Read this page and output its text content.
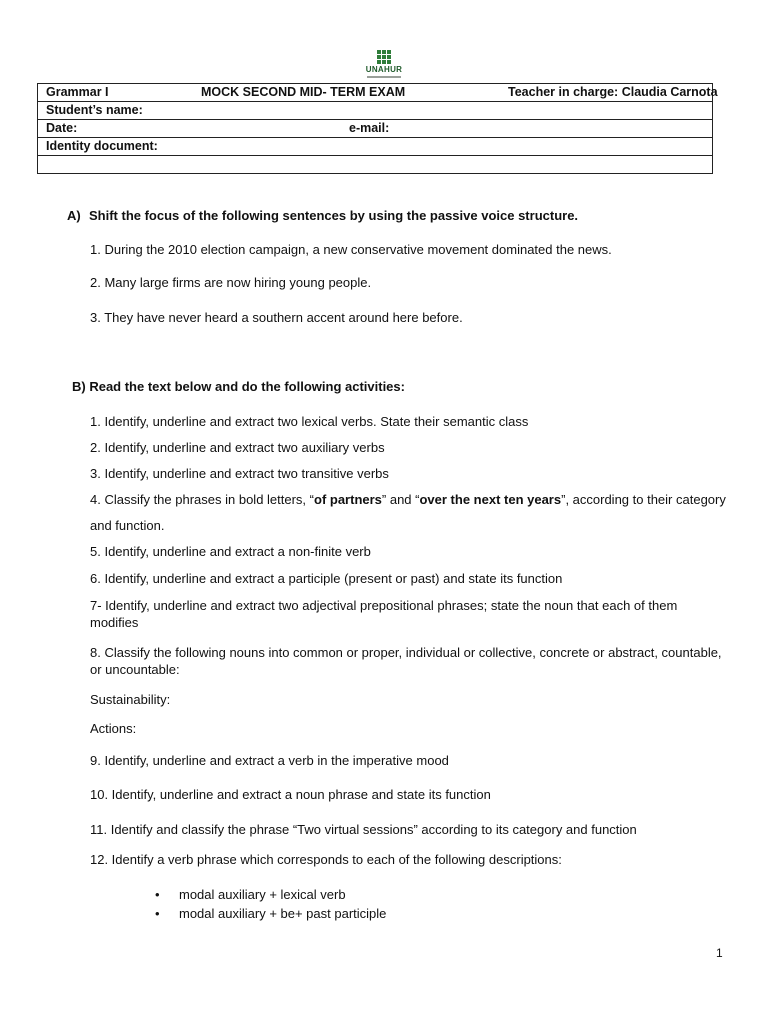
UNAHUR
Grammar I	MOCK SECOND MID- TERM EXAM	Teacher in charge: Claudia Carnota

Student’s name:

Date:	e-mail:

Identity document:

A) Shift the focus of the following sentences by using the passive voice structure.
1. During the 2010 election campaign, a new conservative movement dominated the news.
2. Many large firms are now hiring young people.
3. They have never heard a southern accent around here before.
B) Read the text below and do the following activities:
1. Identify, underline and extract two lexical verbs. State their semantic class
2. Identify, underline and extract two auxiliary verbs
3. Identify, underline and extract two transitive verbs
4. Classify the phrases in bold letters, “of partners” and “over the next ten years”, according to their category
and function.
5. Identify, underline and extract a non-finite verb
6. Identify, underline and extract a participle (present or past) and state its function
7- Identify, underline and extract two adjectival prepositional phrases; state the noun that each of them modifies
8. Classify the following nouns into common or proper, individual or collective, concrete or abstract, countable, or uncountable:
Sustainability:
Actions:
9. Identify, underline and extract a verb in the imperative mood
10. Identify, underline and extract a noun phrase and state its function
11. Identify and classify the phrase “Two virtual sessions” according to its category and function
12. Identify a verb phrase which corresponds to each of the following descriptions:
• modal auxiliary + lexical verb
• modal auxiliary + be+ past participle
1
